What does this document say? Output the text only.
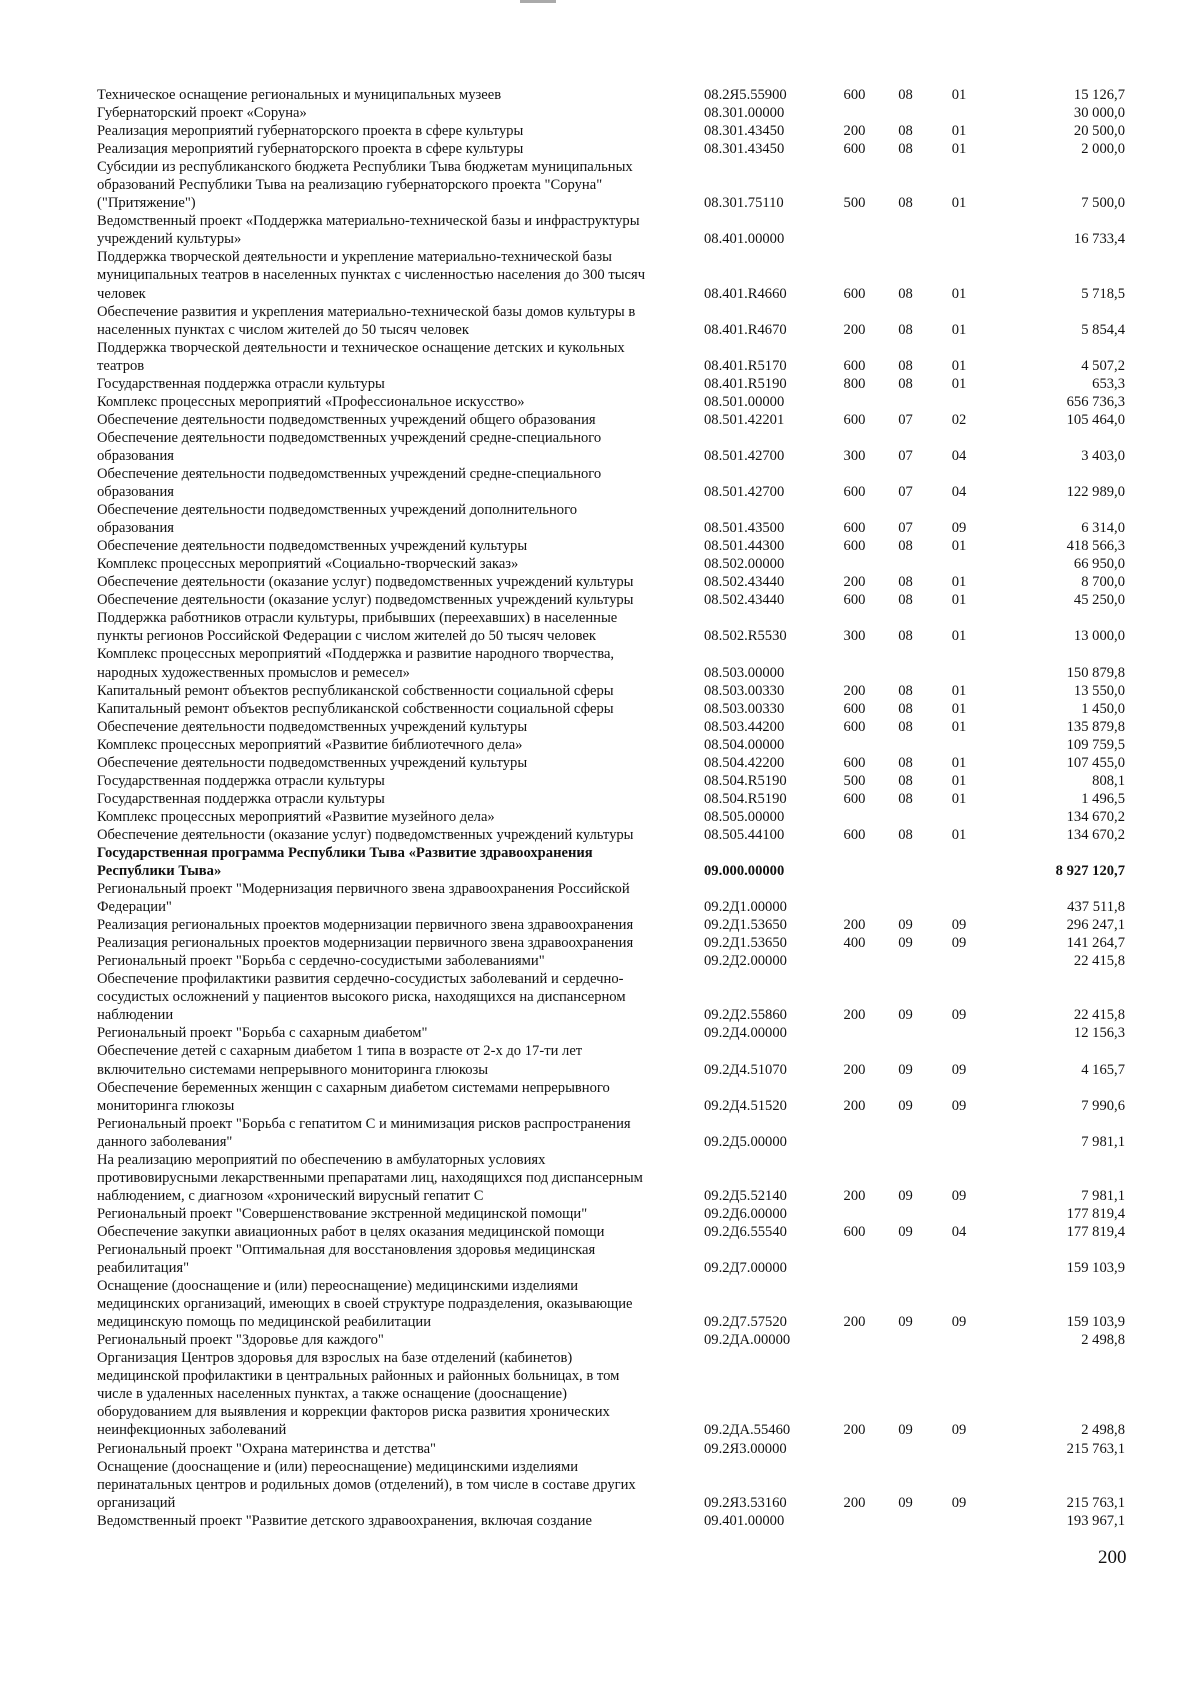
Техническое оснащение региональных и муниципальных музеев	08.2Я5.55900	600	08	01	15 126,7
Губернаторский проект «Соруна»	08.301.00000	30 000,0
Реализация мероприятий губернаторского проекта в сфере культуры	08.301.43450	200	08	01	20 500,0
Реализация мероприятий губернаторского проекта в сфере культуры	08.301.43450	600	08	01	2 000,0
Субсидии из республиканского бюджета Республики Тыва бюджетам муниципальных
образований Республики Тыва на реализацию губернаторского проекта "Соруна"
("Притяжение")	08.301.75110	500	08	01	7 500,0
Ведомственный проект «Поддержка материально-технической базы и инфраструктуры
учреждений культуры»	08.401.00000	16 733,4
Поддержка творческой деятельности и укрепление материально-технической базы
муниципальных театров в населенных пунктах с численностью населения до 300 тысяч
человек	08.401.R4660	600	08	01	5 718,5
Обеспечение развития и укрепления материально-технической базы домов культуры в
населенных пунктах с числом жителей до 50 тысяч человек	08.401.R4670	200	08	01	5 854,4
Поддержка творческой деятельности и техническое оснащение детских и кукольных
театров	08.401.R5170	600	08	01	4 507,2
Государственная поддержка отрасли культуры	08.401.R5190	800	08	01	653,3
Комплекс процессных мероприятий «Профессиональное искусство»	08.501.00000	656 736,3
Обеспечение деятельности подведомственных учреждений общего образования	08.501.42201	600	07	02	105 464,0
Обеспечение деятельности подведомственных учреждений средне-специального
образования	08.501.42700	300	07	04	3 403,0
Обеспечение деятельности подведомственных учреждений средне-специального
образования	08.501.42700	600	07	04	122 989,0
Обеспечение деятельности подведомственных учреждений дополнительного
образования	08.501.43500	600	07	09	6 314,0
Обеспечение деятельности подведомственных учреждений культуры	08.501.44300	600	08	01	418 566,3
Комплекс процессных мероприятий «Социально-творческий заказ»	08.502.00000	66 950,0
Обеспечение деятельности (оказание услуг) подведомственных учреждений культуры	08.502.43440	200	08	01	8 700,0
Обеспечение деятельности (оказание услуг) подведомственных учреждений культуры	08.502.43440	600	08	01	45 250,0
Поддержка работников отрасли культуры, прибывших (переехавших) в населенные
пункты регионов Российской Федерации с числом жителей до 50 тысяч человек	08.502.R5530	300	08	01	13 000,0
Комплекс процессных мероприятий «Поддержка и развитие народного творчества,
народных художественных промыслов и ремесел»	08.503.00000	150 879,8
Капитальный ремонт объектов республиканской собственности социальной сферы	08.503.00330	200	08	01	13 550,0
Капитальный ремонт объектов республиканской собственности социальной сферы	08.503.00330	600	08	01	1 450,0
Обеспечение деятельности подведомственных учреждений культуры	08.503.44200	600	08	01	135 879,8
Комплекс процессных мероприятий «Развитие библиотечного дела»	08.504.00000	109 759,5
Обеспечение деятельности подведомственных учреждений культуры	08.504.42200	600	08	01	107 455,0
Государственная поддержка отрасли культуры	08.504.R5190	500	08	01	808,1
Государственная поддержка отрасли культуры	08.504.R5190	600	08	01	1 496,5
Комплекс процессных мероприятий «Развитие музейного дела»	08.505.00000	134 670,2
Обеспечение деятельности (оказание услуг) подведомственных учреждений культуры	08.505.44100	600	08	01	134 670,2
Государственная программа Республики Тыва «Развитие здравоохранения
Республики Тыва»	09.000.00000	8 927 120,7
Региональный проект "Модернизация первичного звена здравоохранения Российской
Федерации"	09.2Д1.00000	437 511,8
Реализация региональных проектов модернизации первичного звена здравоохранения	09.2Д1.53650	200	09	09	296 247,1
Реализация региональных проектов модернизации первичного звена здравоохранения	09.2Д1.53650	400	09	09	141 264,7
Региональный проект "Борьба с сердечно-сосудистыми заболеваниями"	09.2Д2.00000	22 415,8
Обеспечение профилактики развития сердечно-сосудистых заболеваний и сердечно-
сосудистых осложнений у пациентов высокого риска, находящихся на диспансерном
наблюдении	09.2Д2.55860	200	09	09	22 415,8
Региональный проект "Борьба с сахарным диабетом"	09.2Д4.00000	12 156,3
Обеспечение детей с сахарным диабетом 1 типа в возрасте от 2-х до 17-ти лет
включительно системами непрерывного мониторинга глюкозы	09.2Д4.51070	200	09	09	4 165,7
Обеспечение беременных женщин с сахарным диабетом системами непрерывного
мониторинга глюкозы	09.2Д4.51520	200	09	09	7 990,6
Региональный проект "Борьба с гепатитом С и минимизация рисков распространения
данного заболевания"	09.2Д5.00000	7 981,1
На реализацию мероприятий по обеспечению в амбулаторных условиях
противовирусными лекарственными препаратами лиц, находящихся под диспансерным
наблюдением, с диагнозом «хронический вирусный гепатит С	09.2Д5.52140	200	09	09	7 981,1
Региональный проект "Совершенствование экстренной медицинской помощи"	09.2Д6.00000	177 819,4
Обеспечение закупки авиационных работ в целях оказания медицинской помощи	09.2Д6.55540	600	09	04	177 819,4
Региональный проект "Оптимальная для восстановления здоровья медицинская
реабилитация"	09.2Д7.00000	159 103,9
Оснащение (дооснащение и (или) переоснащение) медицинскими изделиями
медицинских организаций, имеющих в своей структуре подразделения, оказывающие
медицинскую помощь по медицинской реабилитации	09.2Д7.57520	200	09	09	159 103,9
Региональный проект "Здоровье для каждого"	09.2ДА.00000	2 498,8
Организация Центров здоровья для взрослых на базе отделений (кабинетов)
медицинской профилактики в центральных районных и районных больницах, в том
числе в удаленных населенных пунктах, а также оснащение (дооснащение)
оборудованием для выявления и коррекции факторов риска развития хронических
неинфекционных заболеваний	09.2ДА.55460	200	09	09	2 498,8
Региональный проект "Охрана материнства и детства"	09.2Я3.00000	215 763,1
Оснащение (дооснащение и (или) переоснащение) медицинскими изделиями
перинатальных центров и родильных домов (отделений), в том числе в составе других
организаций	09.2Я3.53160	200	09	09	215 763,1
Ведомственный проект "Развитие детского здравоохранения, включая создание	09.401.00000	193 967,1
200
